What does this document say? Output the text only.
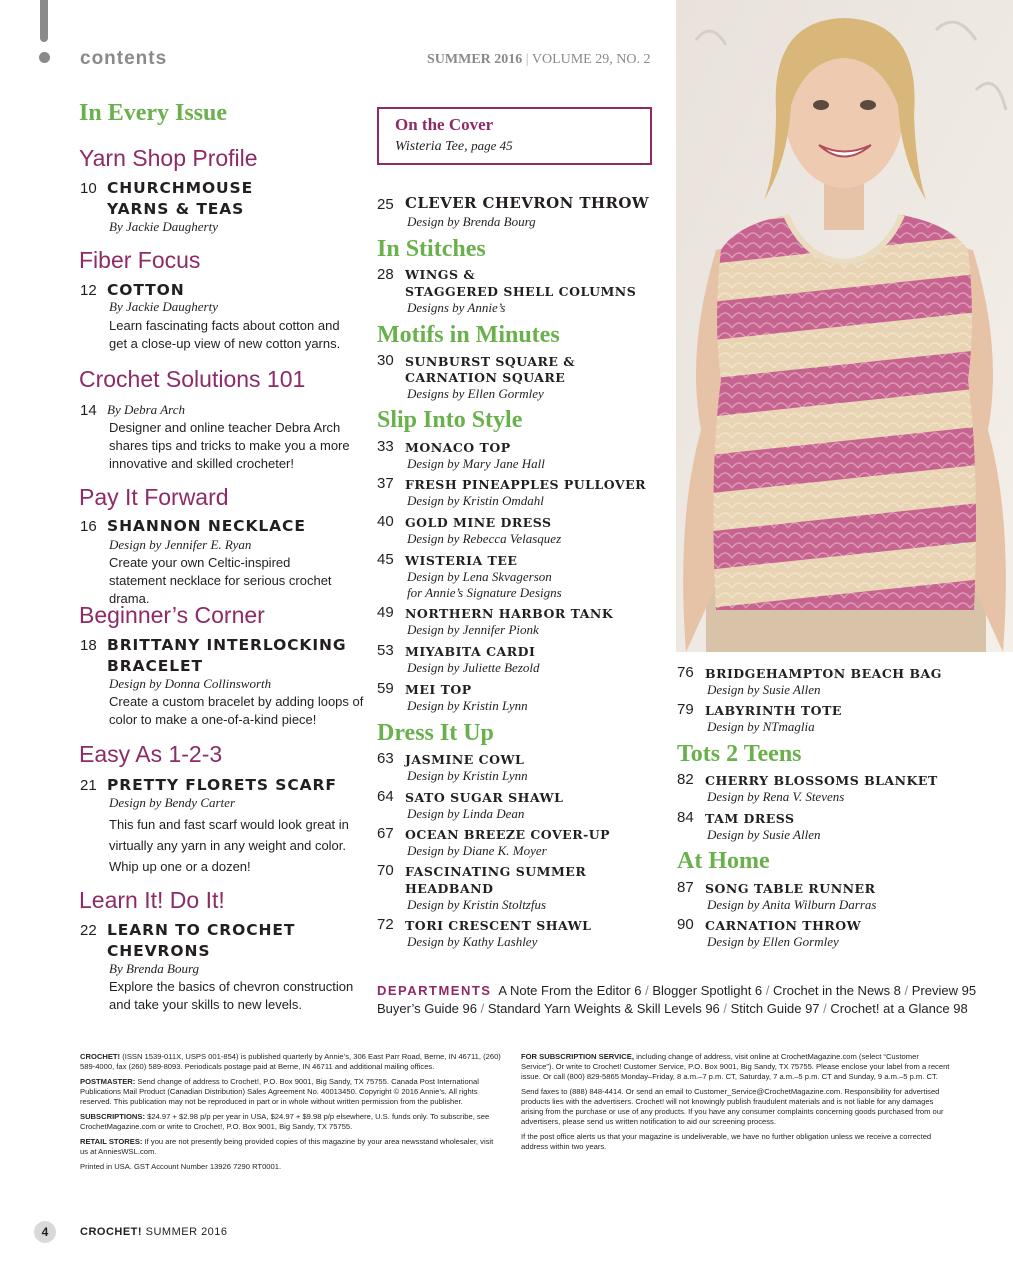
contents	SUMMER 2016 | VOLUME 29, NO. 2
In Every Issue
Yarn Shop Profile
10 CHURCHMOUSE
YARNS & TEAS
By Jackie Daugherty
Fiber Focus
12 COTTON
By Jackie Daugherty
Learn fascinating facts about cotton and get a close-up view of new cotton yarns.
Crochet Solutions 101
14 By Debra Arch
Designer and online teacher Debra Arch shares tips and tricks to make you a more innovative and skilled crocheter!
Pay It Forward
16 SHANNON NECKLACE
Design by Jennifer E. Ryan
Create your own Celtic-inspired statement necklace for serious crochet drama.
Beginner’s Corner
18 BRITTANY INTERLOCKING
BRACELET
Design by Donna Collinsworth
Create a custom bracelet by adding loops of color to make a one-of-a-kind piece!
Easy As 1-2-3
21 PRETTY FLORETS SCARF
Design by Bendy Carter
This fun and fast scarf would look great in virtually any yarn in any weight and color. Whip up one or a dozen!
Learn It! Do It!
22 LEARN TO CROCHET
CHEVRONS
By Brenda Bourg
Explore the basics of chevron construction and take your skills to new levels.
On the Cover
Wisteria Tee, page 45
25 CLEVER CHEVRON THROW
Design by Brenda Bourg
In Stitches
28 WINGS &
STAGGERED SHELL COLUMNS
Designs by Annie’s
Motifs in Minutes
30 SUNBURST SQUARE &
CARNATION SQUARE
Designs by Ellen Gormley
Slip Into Style
33 MONACO TOP
Design by Mary Jane Hall
37 FRESH PINEAPPLES PULLOVER
Design by Kristin Omdahl
40 GOLD MINE DRESS
Design by Rebecca Velasquez
45 WISTERIA TEE
Design by Lena Skvagerson
for Annie’s Signature Designs
49 NORTHERN HARBOR TANK
Design by Jennifer Pionk
53 MIYABITA CARDI
Design by Juliette Bezold
59 MEI TOP
Design by Kristin Lynn
Dress It Up
63 JASMINE COWL
Design by Kristin Lynn
64 SATO SUGAR SHAWL
Design by Linda Dean
67 OCEAN BREEZE COVER-UP
Design by Diane K. Moyer
70 FASCINATING SUMMER
HEADBAND
Design by Kristin Stoltzfus
72 TORI CRESCENT SHAWL
Design by Kathy Lashley
76 BRIDGEHAMPTON BEACH BAG
Design by Susie Allen
79 LABYRINTH TOTE
Design by NTmaglia
Tots 2 Teens
82 CHERRY BLOSSOMS BLANKET
Design by Rena V. Stevens
84 TAM DRESS
Design by Susie Allen
At Home
87 SONG TABLE RUNNER
Design by Anita Wilburn Darras
90 CARNATION THROW
Design by Ellen Gormley
DEPARTMENTS A Note From the Editor 6 / Blogger Spotlight 6 / Crochet in the News 8 / Preview 95
Buyer’s Guide 96 / Standard Yarn Weights & Skill Levels 96 / Stitch Guide 97 / Crochet! at a Glance 98

CROCHET! (ISSN 1539-011X, USPS 001-854) is published quarterly by Annie’s, 306 East Parr Road, Berne, IN 46711, (260) 589-4000, fax (260) 589-8093. Periodicals postage paid at Berne, IN 46711 and additional mailing offices.

POSTMASTER: Send change of address to Crochet!, P.O. Box 9001, Big Sandy, TX 75755. Canada Post International Publications Mail Product (Canadian Distribution) Sales Agreement No. 40013450. Copyright © 2016 Annie’s. All rights reserved. This publication may not be reproduced in part or in whole without written permission from the publisher.

SUBSCRIPTIONS: $24.97 + $2.98 p/p per year in USA, $24.97 + $9.98 p/p elsewhere, U.S. funds only. To subscribe, see CrochetMagazine.com or write to Crochet!, P.O. Box 9001, Big Sandy, TX 75755.

RETAIL STORES: If you are not presently being provided copies of this magazine by your area newsstand wholesaler, visit us at AnniesWSL.com.

Printed in USA. GST Account Number 13926 7290 RT0001.

FOR SUBSCRIPTION SERVICE, including change of address, visit online at CrochetMagazine.com (select “Customer Service”). Or write to Crochet! Customer Service, P.O. Box 9001, Big Sandy, TX 75755. Please enclose your label from a recent issue. Or call (800) 829-5865 Monday–Friday, 8 a.m.–7 p.m. CT, Saturday, 7 a.m.–5 p.m. CT and Sunday, 9 a.m.–5 p.m. CT.

Send faxes to (888) 848-4414. Or send an email to Customer_Service@CrochetMagazine.com. Responsibility for advertised products lies with the advertisers. Crochet! will not knowingly publish fraudulent materials and is not liable for any damages arising from the purchase or use of any products. If you have any consumer complaints concerning goods purchased from our advertisers, please send us written notification to aid our screening process.

If the post office alerts us that your magazine is undeliverable, we have no further obligation unless we receive a corrected address within two years.

4	CROCHET! SUMMER 2016
